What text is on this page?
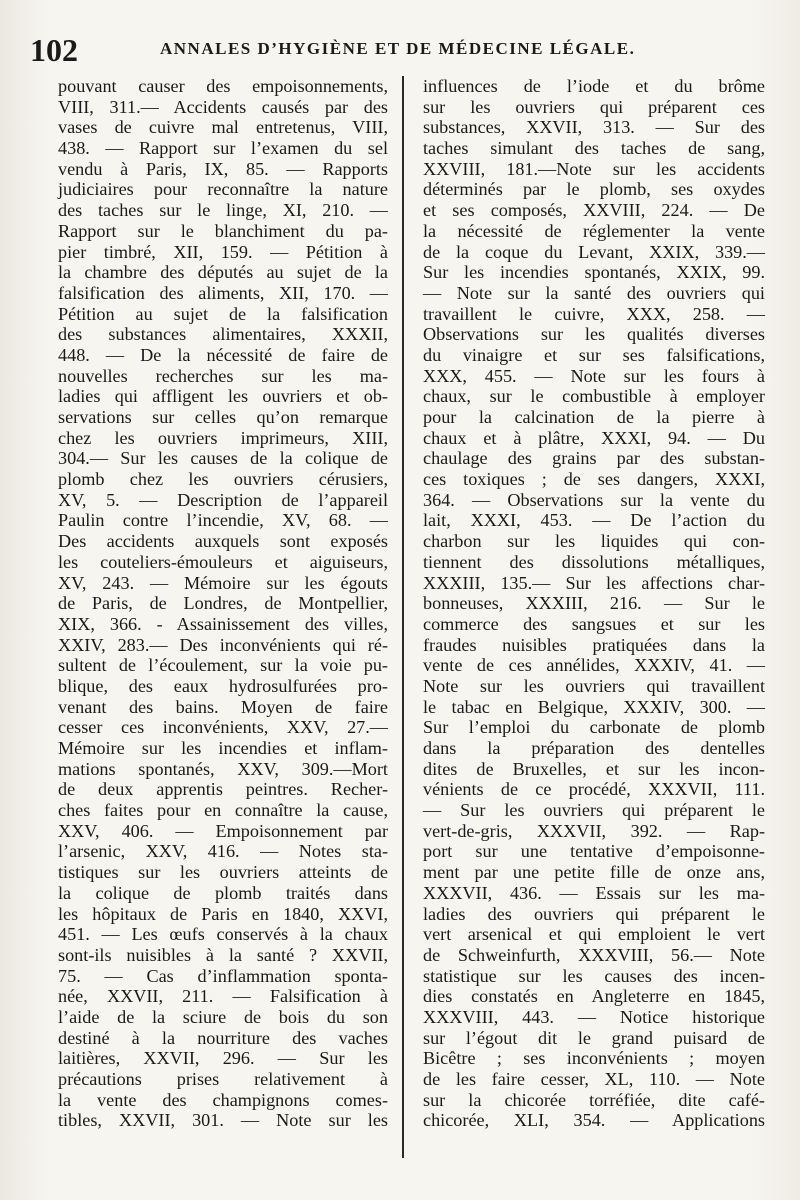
102	ANNALES D’HYGIÈNE ET DE MÉDECINE LÉGALE.
pouvant causer des empoisonnements,
VIII, 311.— Accidents causés par des
vases de cuivre mal entretenus, VIII,
438. — Rapport sur l’examen du sel
vendu à Paris, IX, 85. — Rapports
judiciaires pour reconnaître la nature
des taches sur le linge, XI, 210. —
Rapport sur le blanchiment du pa-
pier timbré, XII, 159. — Pétition à
la chambre des députés au sujet de la
falsification des aliments, XII, 170. —
Pétition au sujet de la falsification
des substances alimentaires, XXXII,
448. — De la nécessité de faire de
nouvelles recherches sur les ma-
ladies qui affligent les ouvriers et ob-
servations sur celles qu’on remarque
chez les ouvriers imprimeurs, XIII,
304.— Sur les causes de la colique de
plomb chez les ouvriers cérusiers,
XV, 5. — Description de l’appareil
Paulin contre l’incendie, XV, 68. —
Des accidents auxquels sont exposés
les couteliers-émouleurs et aiguiseurs,
XV, 243. — Mémoire sur les égouts
de Paris, de Londres, de Montpellier,
XIX, 366. - Assainissement des villes,
XXIV, 283.— Des inconvénients qui ré-
sultent de l’écoulement, sur la voie pu-
blique, des eaux hydrosulfurées pro-
venant des bains. Moyen de faire
cesser ces inconvénients, XXV, 27.—
Mémoire sur les incendies et inflam-
mations spontanés, XXV, 309.—Mort
de deux apprentis peintres. Recher-
ches faites pour en connaître la cause,
XXV, 406. — Empoisonnement par
l’arsenic, XXV, 416. — Notes sta-
tistiques sur les ouvriers atteints de
la colique de plomb traités dans
les hôpitaux de Paris en 1840, XXVI,
451. — Les œufs conservés à la chaux
sont-ils nuisibles à la santé ? XXVII,
75. — Cas d’inflammation sponta-
née, XXVII, 211. — Falsification à
l’aide de la sciure de bois du son
destiné à la nourriture des vaches
laitières, XXVII, 296. — Sur les
précautions prises relativement à
la vente des champignons comes-
tibles, XXVII, 301. — Note sur les
influences de l’iode et du brôme
sur les ouvriers qui préparent ces
substances, XXVII, 313. — Sur des
taches simulant des taches de sang,
XXVIII, 181.—Note sur les accidents
déterminés par le plomb, ses oxydes
et ses composés, XXVIII, 224. — De
la nécessité de réglementer la vente
de la coque du Levant, XXIX, 339.—
Sur les incendies spontanés, XXIX, 99.
— Note sur la santé des ouvriers qui
travaillent le cuivre, XXX, 258. —
Observations sur les qualités diverses
du vinaigre et sur ses falsifications,
XXX, 455. — Note sur les fours à
chaux, sur le combustible à employer
pour la calcination de la pierre à
chaux et à plâtre, XXXI, 94. — Du
chaulage des grains par des substan-
ces toxiques ; de ses dangers, XXXI,
364. — Observations sur la vente du
lait, XXXI, 453. — De l’action du
charbon sur les liquides qui con-
tiennent des dissolutions métalliques,
XXXIII, 135.— Sur les affections char-
bonneuses, XXXIII, 216. — Sur le
commerce des sangsues et sur les
fraudes nuisibles pratiquées dans la
vente de ces annélides, XXXIV, 41. —
Note sur les ouvriers qui travaillent
le tabac en Belgique, XXXIV, 300. —
Sur l’emploi du carbonate de plomb
dans la préparation des dentelles
dites de Bruxelles, et sur les incon-
vénients de ce procédé, XXXVII, 111.
— Sur les ouvriers qui préparent le
vert-de-gris, XXXVII, 392. — Rap-
port sur une tentative d’empoisonne-
ment par une petite fille de onze ans,
XXXVII, 436. — Essais sur les ma-
ladies des ouvriers qui préparent le
vert arsenical et qui emploient le vert
de Schweinfurth, XXXVIII, 56.— Note
statistique sur les causes des incen-
dies constatés en Angleterre en 1845,
XXXVIII, 443. — Notice historique
sur l’égout dit le grand puisard de
Bicêtre ; ses inconvénients ; moyen
de les faire cesser, XL, 110. — Note
sur la chicorée torréfiée, dite café-
chicorée, XLI, 354. — Applications
